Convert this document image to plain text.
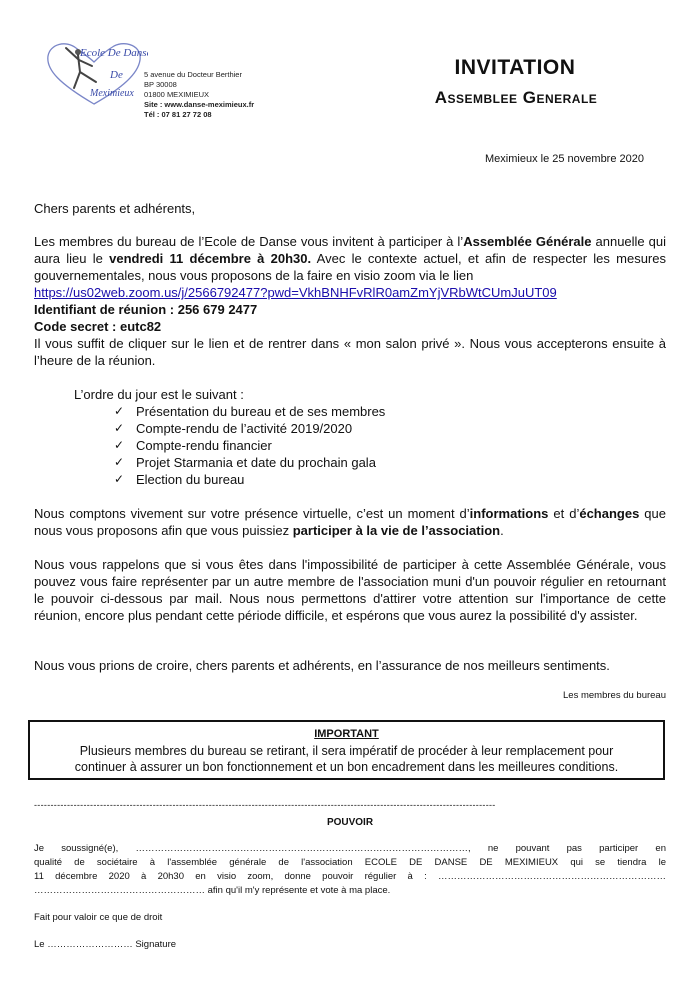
Ecole De Danse
De
Meximieux
5 avenue du Docteur Berthier
BP 30008
01800 MEXIMIEUX
Site : www.danse-meximieux.fr
Tél : 07 81 27 72 08
INVITATION
Assemblee Generale
Meximieux le 25 novembre 2020
Chers parents et adhérents,
Les membres du bureau de l’Ecole de Danse vous invitent à participer à l’Assemblée Générale annuelle qui aura lieu le vendredi 11 décembre à 20h30. Avec le contexte actuel, et afin de respecter les mesures gouvernementales, nous vous proposons de la faire en visio zoom via le lien
https://us02web.zoom.us/j/2566792477?pwd=VkhBNHFvRlR0amZmYjVRbWtCUmJuUT09
Identifiant de réunion : 256 679 2477
Code secret : eutc82
Il vous suffit de cliquer sur le lien et de rentrer dans « mon salon privé ». Nous vous accepterons ensuite à l’heure de la réunion.
L’ordre du jour est le suivant :
✓ Présentation du bureau et de ses membres
✓ Compte-rendu de l’activité 2019/2020
✓ Compte-rendu financier
✓ Projet Starmania et date du prochain gala
✓ Election du bureau
Nous comptons vivement sur votre présence virtuelle, c’est un moment d’informations et d’échanges que nous vous proposons afin que vous puissiez participer à la vie de l’association.
Nous vous rappelons que si vous êtes dans l'impossibilité de participer à cette Assemblée Générale, vous pouvez vous faire représenter par un autre membre de l'association muni d'un pouvoir régulier en retournant le pouvoir ci-dessous par mail. Nous nous permettons d'attirer votre attention sur l'importance de cette réunion, encore plus pendant cette période difficile, et espérons que vous aurez la possibilité d'y assister.
Nous vous prions de croire, chers parents et adhérents, en l’assurance de nos meilleurs sentiments.
Les membres du bureau
IMPORTANT
Plusieurs membres du bureau se retirant, il sera impératif de procéder à leur remplacement pour
continuer à assurer un bon fonctionnement et un bon encadrement dans les meilleures conditions.
--------------------------------------------------------------------------------------------------------------------------------------------
POUVOIR
Je soussigné(e), ……………………………………………………………………………………………, ne pouvant pas participer en
qualité de sociétaire à l'assemblée générale de l'association ECOLE DE DANSE DE MEXIMIEUX qui se tiendra le
11 décembre 2020 à 20h30 en visio zoom, donne pouvoir régulier à : ………………………………………………………………
……………………………………………… afin qu'il m'y représente et vote à ma place.
Fait pour valoir ce que de droit
Le ……………………… Signature
